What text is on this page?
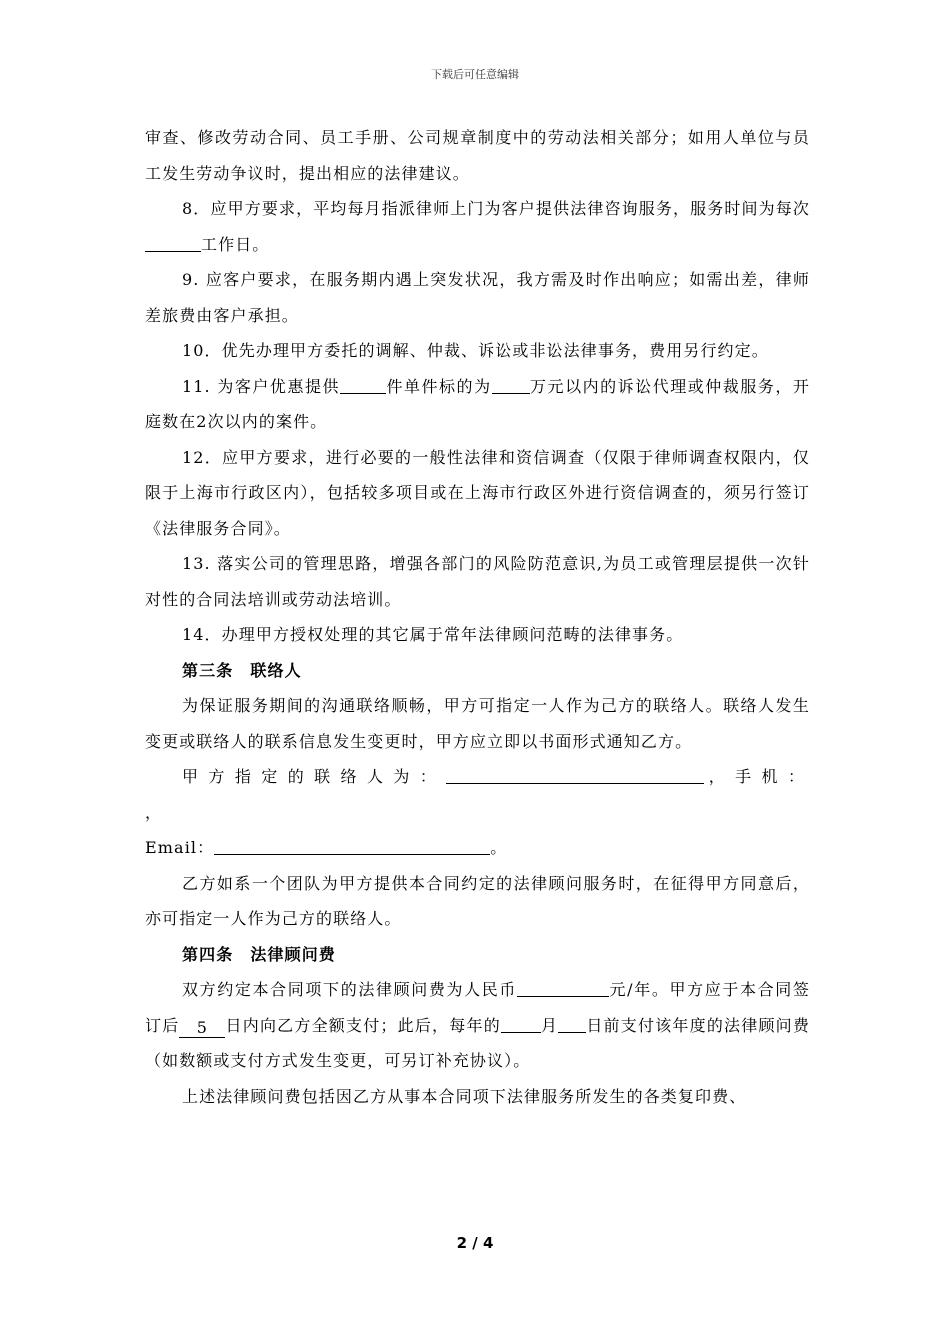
下载后可任意编辑

审查、修改劳动合同、员工手册、公司规章制度中的劳动法相关部分；如用人单位与员工发生劳动争议时，提出相应的法律建议。

8．应甲方要求，平均每月指派律师上门为客户提供法律咨询服务，服务时间为每次工作日。

9. 应客户要求，在服务期内遇上突发状况，我方需及时作出响应；如需出差，律师差旅费由客户承担。

10．优先办理甲方委托的调解、仲裁、诉讼或非讼法律事务，费用另行约定。

11. 为客户优惠提供	件单件标的为 万元以内的诉讼代理或仲裁服务，开庭数在2次以内的案件。

12．应甲方要求，进行必要的一般性法律和资信调查（仅限于律师调查权限内，仅限于上海市行政区内），包括较多项目或在上海市行政区外进行资信调查的，须另行签订《法律服务合同》。

13. 落实公司的管理思路，增强各部门的风险防范意识,为员工或管理层提供一次针对性的合同法培训或劳动法培训。

14．办理甲方授权处理的其它属于常年法律顾问范畴的法律事务。

第三条　联络人

为保证服务期间的沟通联络顺畅，甲方可指定一人作为己方的联络人。联络人发生变更或联络人的联系信息发生变更时，甲方应立即以书面形式通知乙方。

甲方指定的联络人为：	，手机：

，

Email：	。

乙方如系一个团队为甲方提供本合同约定的法律顾问服务时，在征得甲方同意后，亦可指定一人作为己方的联络人。

第四条　法律顾问费

双方约定本合同项下的法律顾问费为人民币	元/年。甲方应于本合同签订后 5 日内向乙方全额支付；此后，每年的	月 日前支付该年度的法律顾问费（如数额或支付方式发生变更，可另订补充协议）。

上述法律顾问费包括因乙方从事本合同项下法律服务所发生的各类复印费、

2 / 4
